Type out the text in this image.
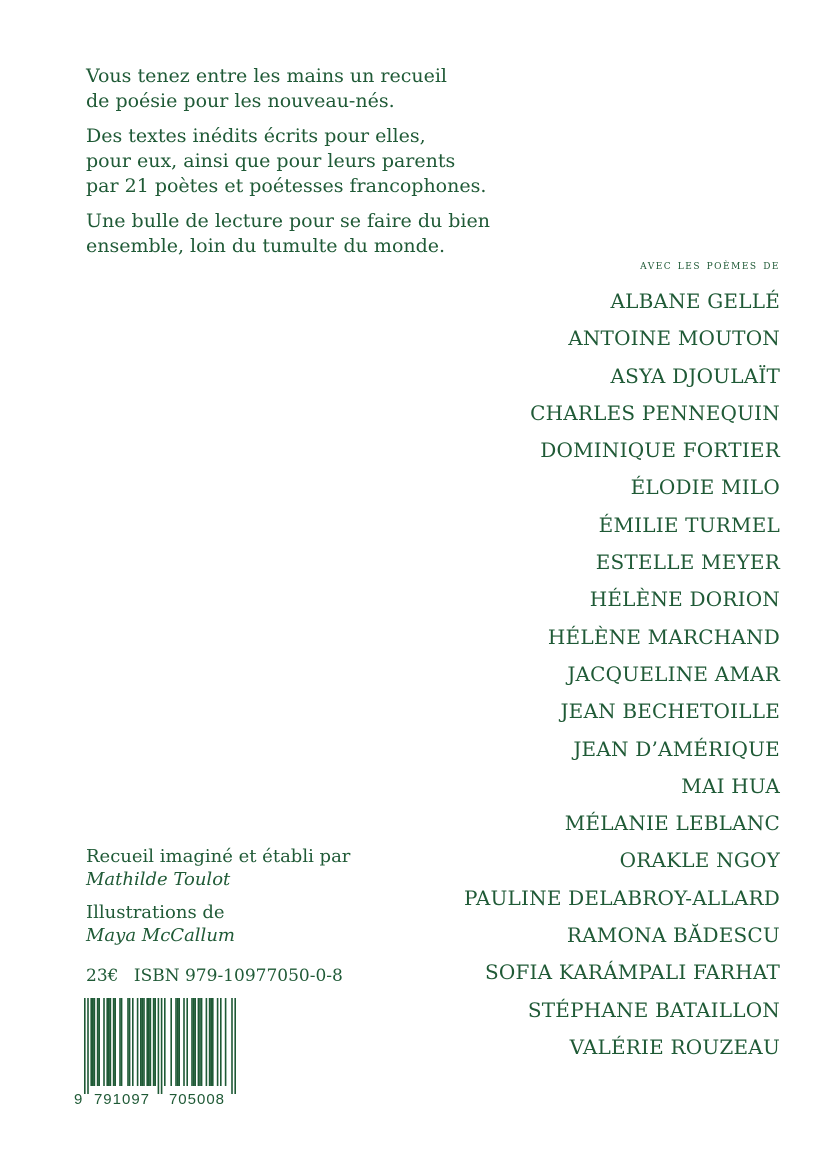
Vous tenez entre les mains un recueil
de poésie pour les nouveau-nés.

Des textes inédits écrits pour elles,
pour eux, ainsi que pour leurs parents
par 21 poètes et poétesses francophones.

Une bulle de lecture pour se faire du bien
ensemble, loin du tumulte du monde.

avec les poèmes de
ALBANE GELLÉ
ANTOINE MOUTON
ASYA DJOULAÏT
CHARLES PENNEQUIN
DOMINIQUE FORTIER
ÉLODIE MILO
ÉMILIE TURMEL
ESTELLE MEYER
HÉLÈNE DORION
HÉLÈNE MARCHAND
JACQUELINE AMAR
JEAN BECHETOILLE
JEAN D’AMÉRIQUE
MAI HUA
MÉLANIE LEBLANC
ORAKLE NGOY
PAULINE DELABROY-ALLARD
RAMONA BĂDESCU
SOFIA KARÁMPALI FARHAT
STÉPHANE BATAILLON
VALÉRIE ROUZEAU

Recueil imaginé et établi par
Mathilde Toulot

Illustrations de
Maya McCallum

23€ ISBN 979-10977050-0-8
9 791097 705008
